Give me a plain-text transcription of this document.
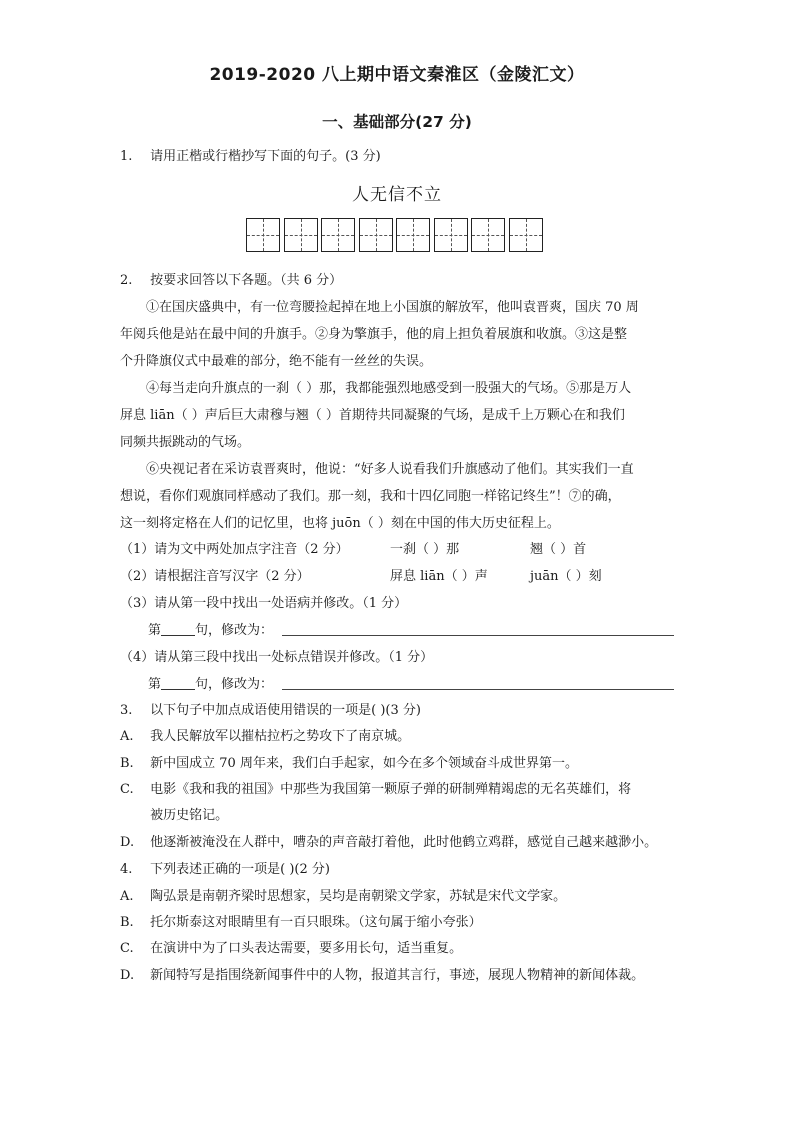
2019-2020 八上期中语文秦淮区（金陵汇文）
一、基础部分(27 分)
1. 请用正楷或行楷抄写下面的句子。(3 分)
人无信不立
2. 按要求回答以下各题。（共 6 分）
①在国庆盛典中，有一位弯腰捡起掉在地上小国旗的解放军，他叫袁晋爽，国庆 70 周
年阅兵他是站在最中间的升旗手。②身为擎旗手，他的肩上担负着展旗和收旗。③这是整
个升降旗仪式中最难的部分，绝不能有一丝丝的失误。
④每当走向升旗点的一刹（ ）那，我都能强烈地感受到一股强大的气场。⑤那是万人
屏息 liān（ ）声后巨大肃穆与翘（ ）首期待共同凝聚的气场，是成千上万颗心在和我们
同频共振跳动的气场。
⑥央视记者在采访袁晋爽时，他说：“好多人说看我们升旗感动了他们。其实我们一直
想说，看你们观旗同样感动了我们。那一刻，我和十四亿同胞一样铭记终生”！⑦的确，
这一刻将定格在人们的记忆里，也将 juōn（ ）刻在中国的伟大历史征程上。
（1）请为文中两处加点字注音（2 分）	一刹（ ）那	翘（ ）首
（2）请根据注音写汉字（2 分）	屏息 liān（ ）声	juān（ ）刻
（3）请从第一段中找出一处语病并修改。（1 分）
第	句，修改为：
（4）请从第三段中找出一处标点错误并修改。（1 分）
第	句，修改为：
3. 以下句子中加点成语使用错误的一项是( )(3 分)
A. 我人民解放军以摧枯拉朽之势攻下了南京城。
B. 新中国成立 70 周年来，我们白手起家，如今在多个领域奋斗成世界第一。
C. 电影《我和我的祖国》中那些为我国第一颗原子弹的研制殚精竭虑的无名英雄们，将
被历史铭记。
D. 他逐渐被淹没在人群中，嘈杂的声音敲打着他，此时他鹤立鸡群，感觉自己越来越渺小。
4. 下列表述正确的一项是( )(2 分)
A. 陶弘景是南朝齐梁时思想家，吴均是南朝梁文学家，苏轼是宋代文学家。
B. 托尔斯泰这对眼睛里有一百只眼珠。（这句属于缩小夸张）
C. 在演讲中为了口头表达需要，要多用长句，适当重复。
D. 新闻特写是指围绕新闻事件中的人物，报道其言行，事迹，展现人物精神的新闻体裁。
